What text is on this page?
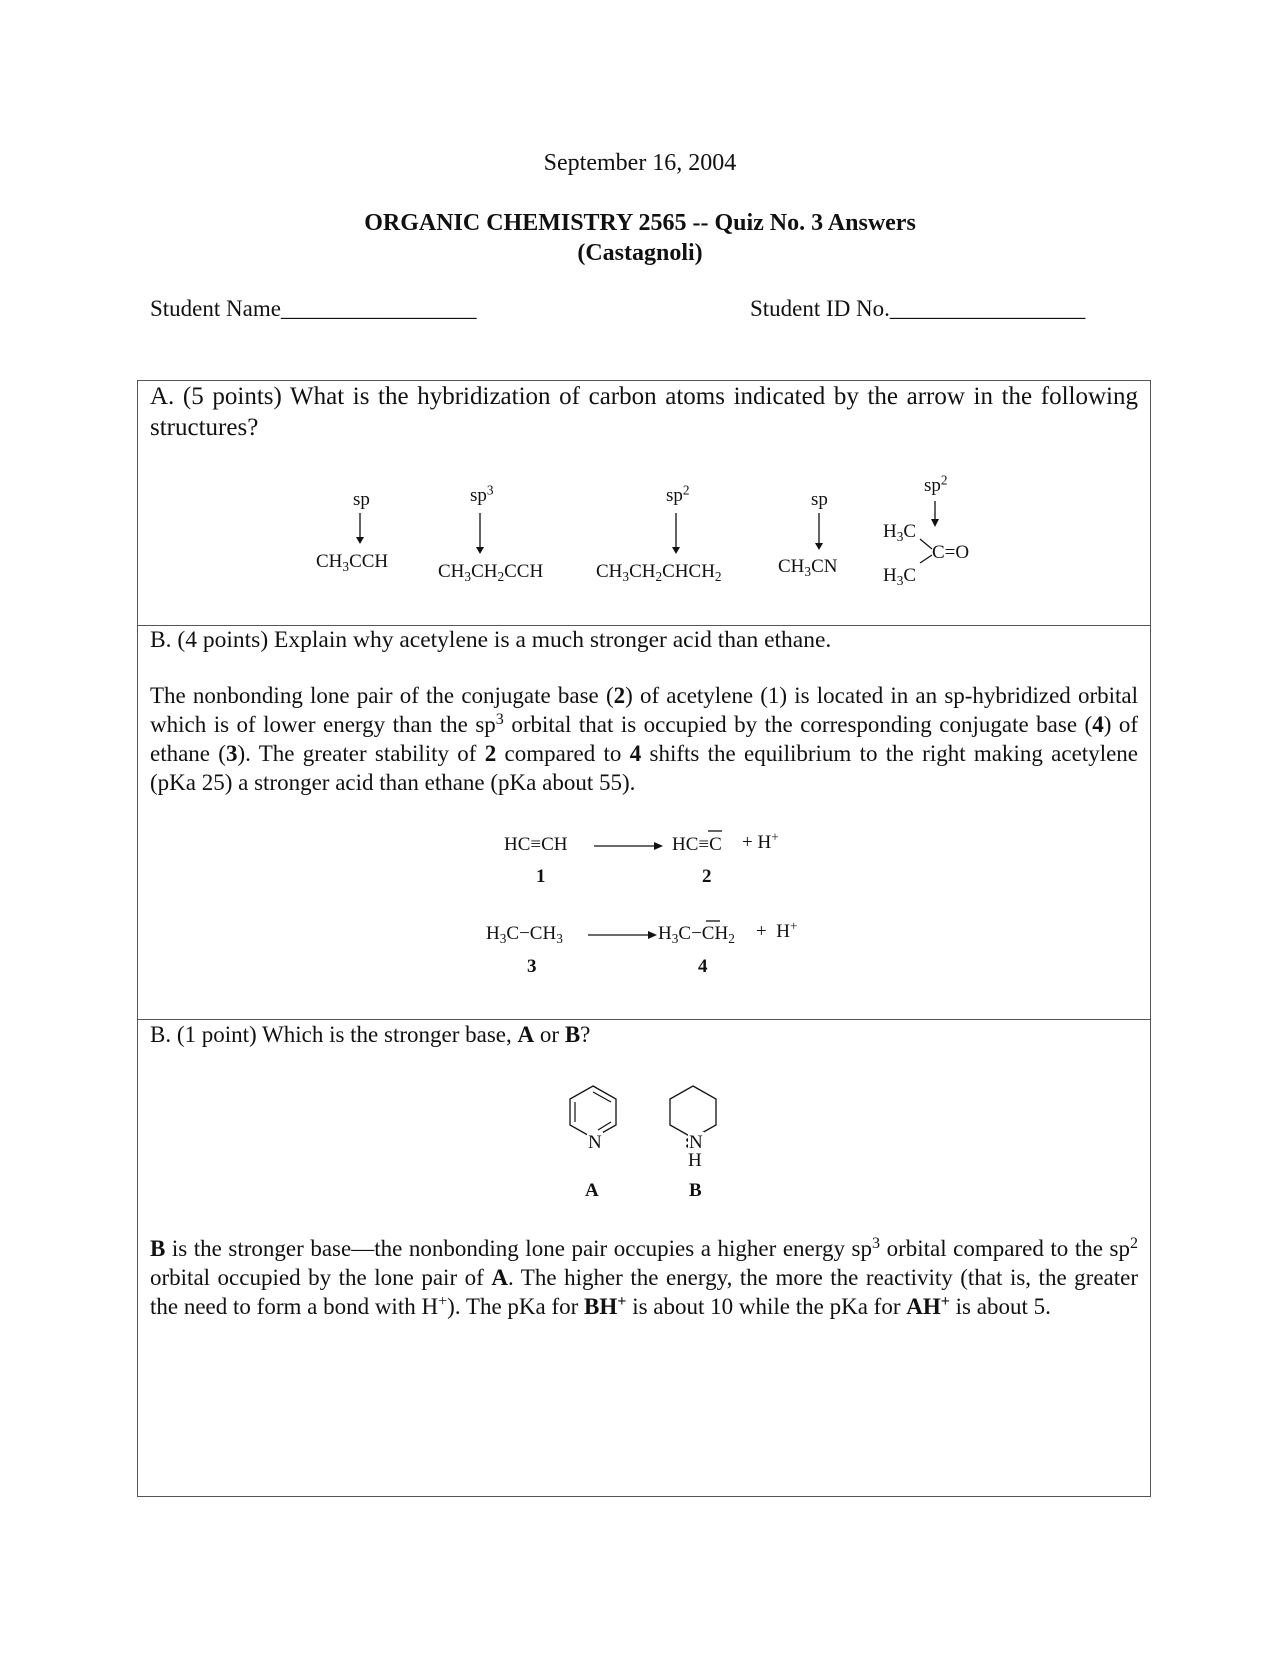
September 16, 2004
ORGANIC CHEMISTRY 2565 -- Quiz No. 3 Answers
(Castagnoli)
Student Name_________________	Student ID No._________________

A. (5 points) What is the hybridization of carbon atoms indicated by the arrow in the following structures?

sp
$CH_3CCH$
$sp^3$
$CH_3CH_2CCH$
$sp^2$
$CH_3CH_2CHCH_2$
sp
$CH_3CN$
$sp^2$
$H_3C$
$H_3C$
C=O

B. (4 points) Explain why acetylene is a much stronger acid than ethane.

The nonbonding lone pair of the conjugate base (2) of acetylene (1) is located in an sp-hybridized orbital which is of lower energy than the $sp^3$ orbital that is occupied by the corresponding conjugate base (4) of ethane (3). The greater stability of 2 compared to 4 shifts the equilibrium to the right making acetylene (pKa 25) a stronger acid than ethane (pKa about 55).

HC≡CH	HC≡C + H+
1	2
$H_3C-CH_3$	$H_3C-CH_2 + H^+$
3	4

B. (1 point) Which is the stronger base, A or B?

N
A
N
H
B

B is the stronger base—the nonbonding lone pair occupies a higher energy $sp^3$ orbital compared to the $sp^2$ orbital occupied by the lone pair of A. The higher the energy, the more the reactivity (that is, the greater the need to form a bond with H+). The pKa for BH+ is about 10 while the pKa for AH+ is about 5.
